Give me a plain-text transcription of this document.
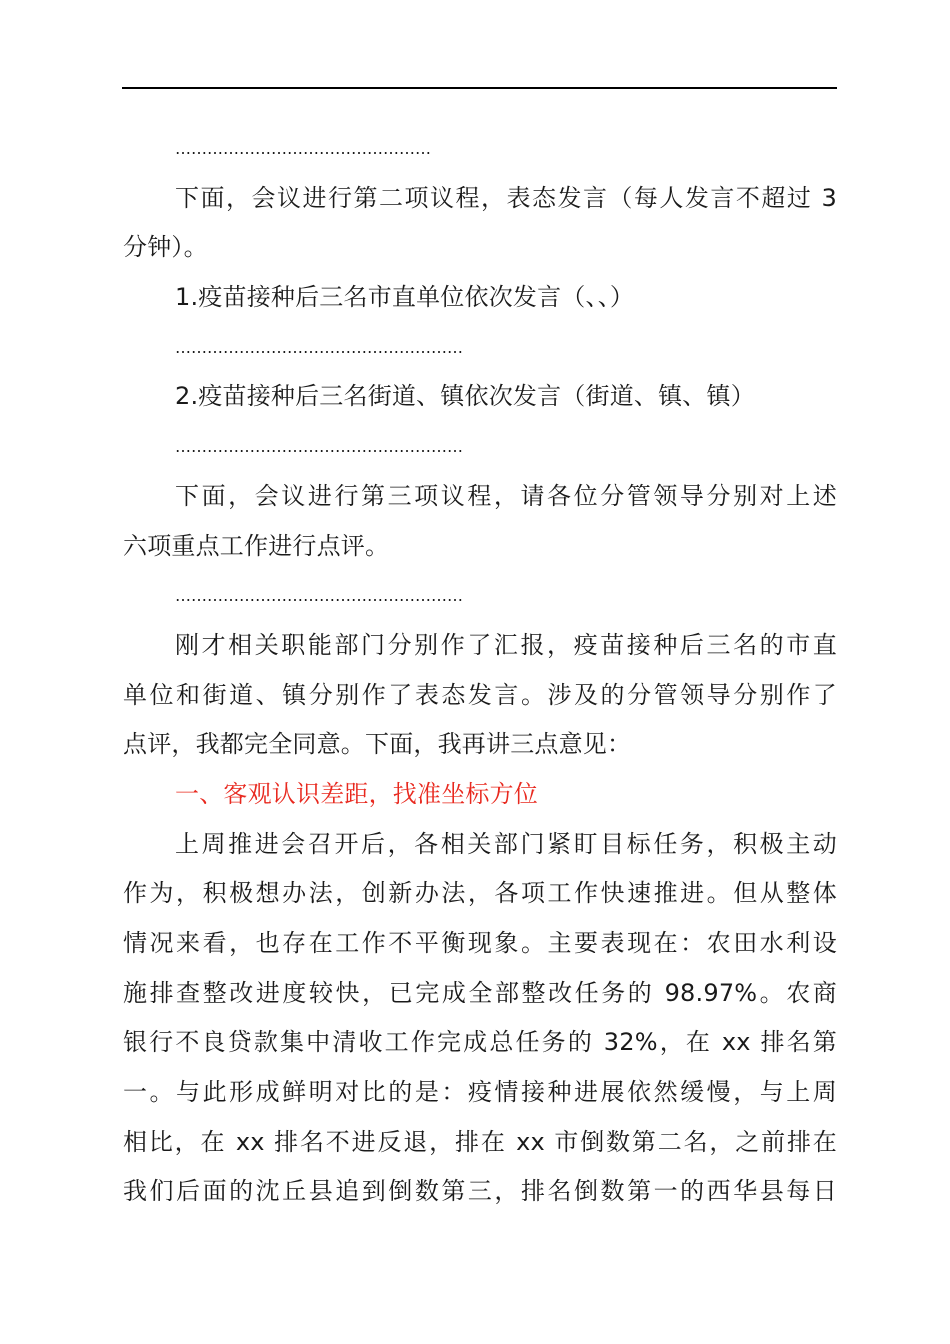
…………………………………………
下面，会议进行第二项议程，表态发言（每人发言不超过 3
分钟）。
1.疫苗接种后三名市直单位依次发言（、、）
………………………………………………
2.疫苗接种后三名街道、镇依次发言（街道、镇、镇）
………………………………………………
下面，会议进行第三项议程，请各位分管领导分别对上述
六项重点工作进行点评。
………………………………………………
刚才相关职能部门分别作了汇报，疫苗接种后三名的市直
单位和街道、镇分别作了表态发言。涉及的分管领导分别作了
点评，我都完全同意。下面，我再讲三点意见：
一、客观认识差距，找准坐标方位
上周推进会召开后，各相关部门紧盯目标任务，积极主动
作为，积极想办法，创新办法，各项工作快速推进。但从整体
情况来看，也存在工作不平衡现象。主要表现在：农田水利设
施排查整改进度较快，已完成全部整改任务的 98.97%。农商
银行不良贷款集中清收工作完成总任务的 32%，在 xx 排名第
一。与此形成鲜明对比的是：疫情接种进展依然缓慢，与上周
相比，在 xx 排名不进反退，排在 xx 市倒数第二名，之前排在
我们后面的沈丘县追到倒数第三，排名倒数第一的西华县每日
